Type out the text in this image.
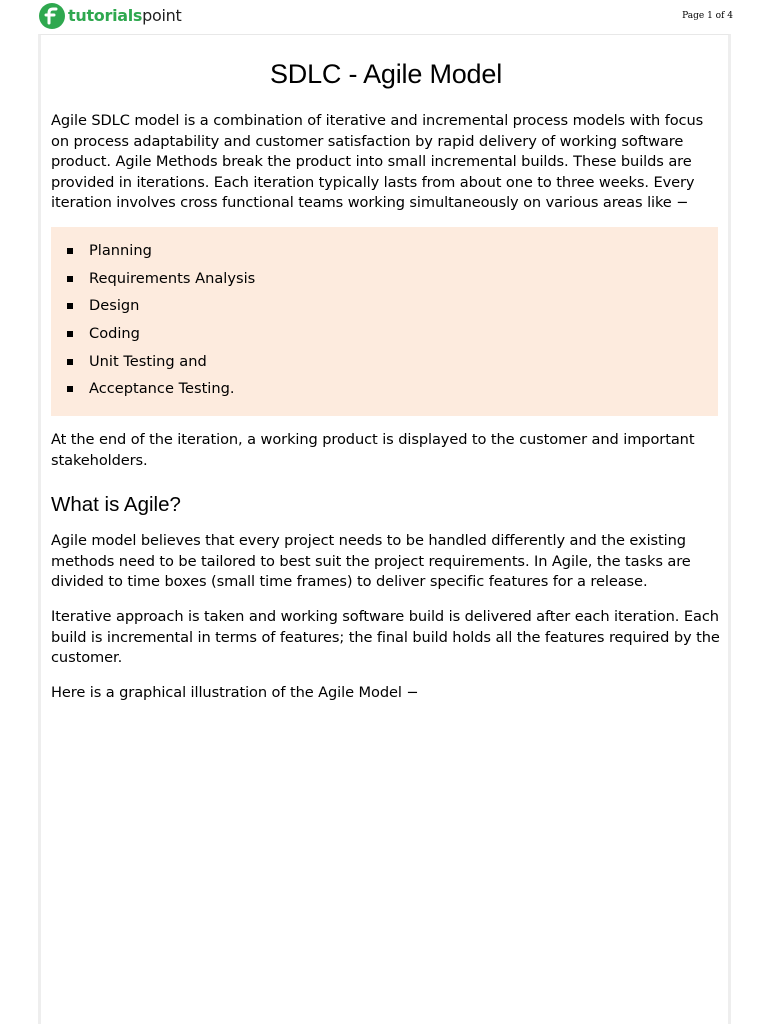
tutorialspoint	Page 1 of 4
SDLC - Agile Model

Agile SDLC model is a combination of iterative and incremental process models with focus on process adaptability and customer satisfaction by rapid delivery of working software product. Agile Methods break the product into small incremental builds. These builds are provided in iterations. Each iteration typically lasts from about one to three weeks. Every iteration involves cross functional teams working simultaneously on various areas like −

Planning
Requirements Analysis
Design
Coding
Unit Testing and
Acceptance Testing.

At the end of the iteration, a working product is displayed to the customer and important stakeholders.

What is Agile?

Agile model believes that every project needs to be handled differently and the existing methods need to be tailored to best suit the project requirements. In Agile, the tasks are divided to time boxes (small time frames) to deliver specific features for a release.

Iterative approach is taken and working software build is delivered after each iteration. Each build is incremental in terms of features; the final build holds all the features required by the customer.

Here is a graphical illustration of the Agile Model −
